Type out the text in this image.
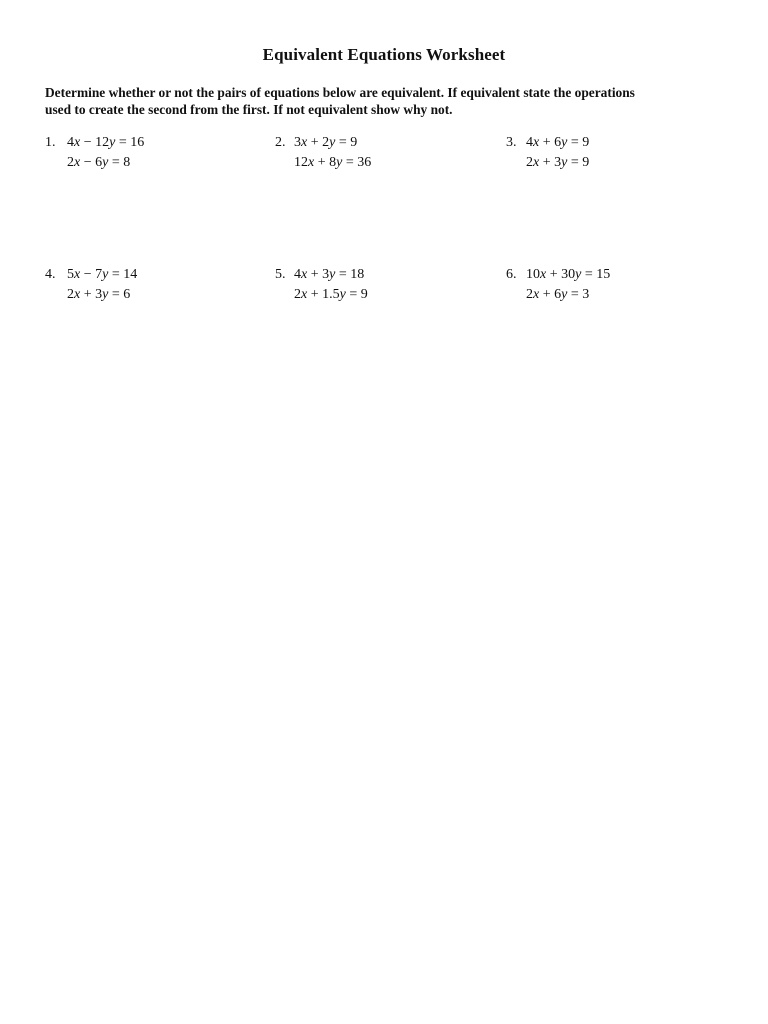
Equivalent Equations Worksheet
Determine whether or not the pairs of equations below are equivalent. If equivalent state the operations
used to create the second from the first. If not equivalent show why not.
1. 4x − 12y = 16
2x − 6y = 8
2. 3x + 2y = 9
12x + 8y = 36
3. 4x + 6y = 9
2x + 3y = 9
4. 5x − 7y = 14
2x + 3y = 6
5. 4x + 3y = 18
2x + 1.5y = 9
6. 10x + 30y = 15
2x + 6y = 3
